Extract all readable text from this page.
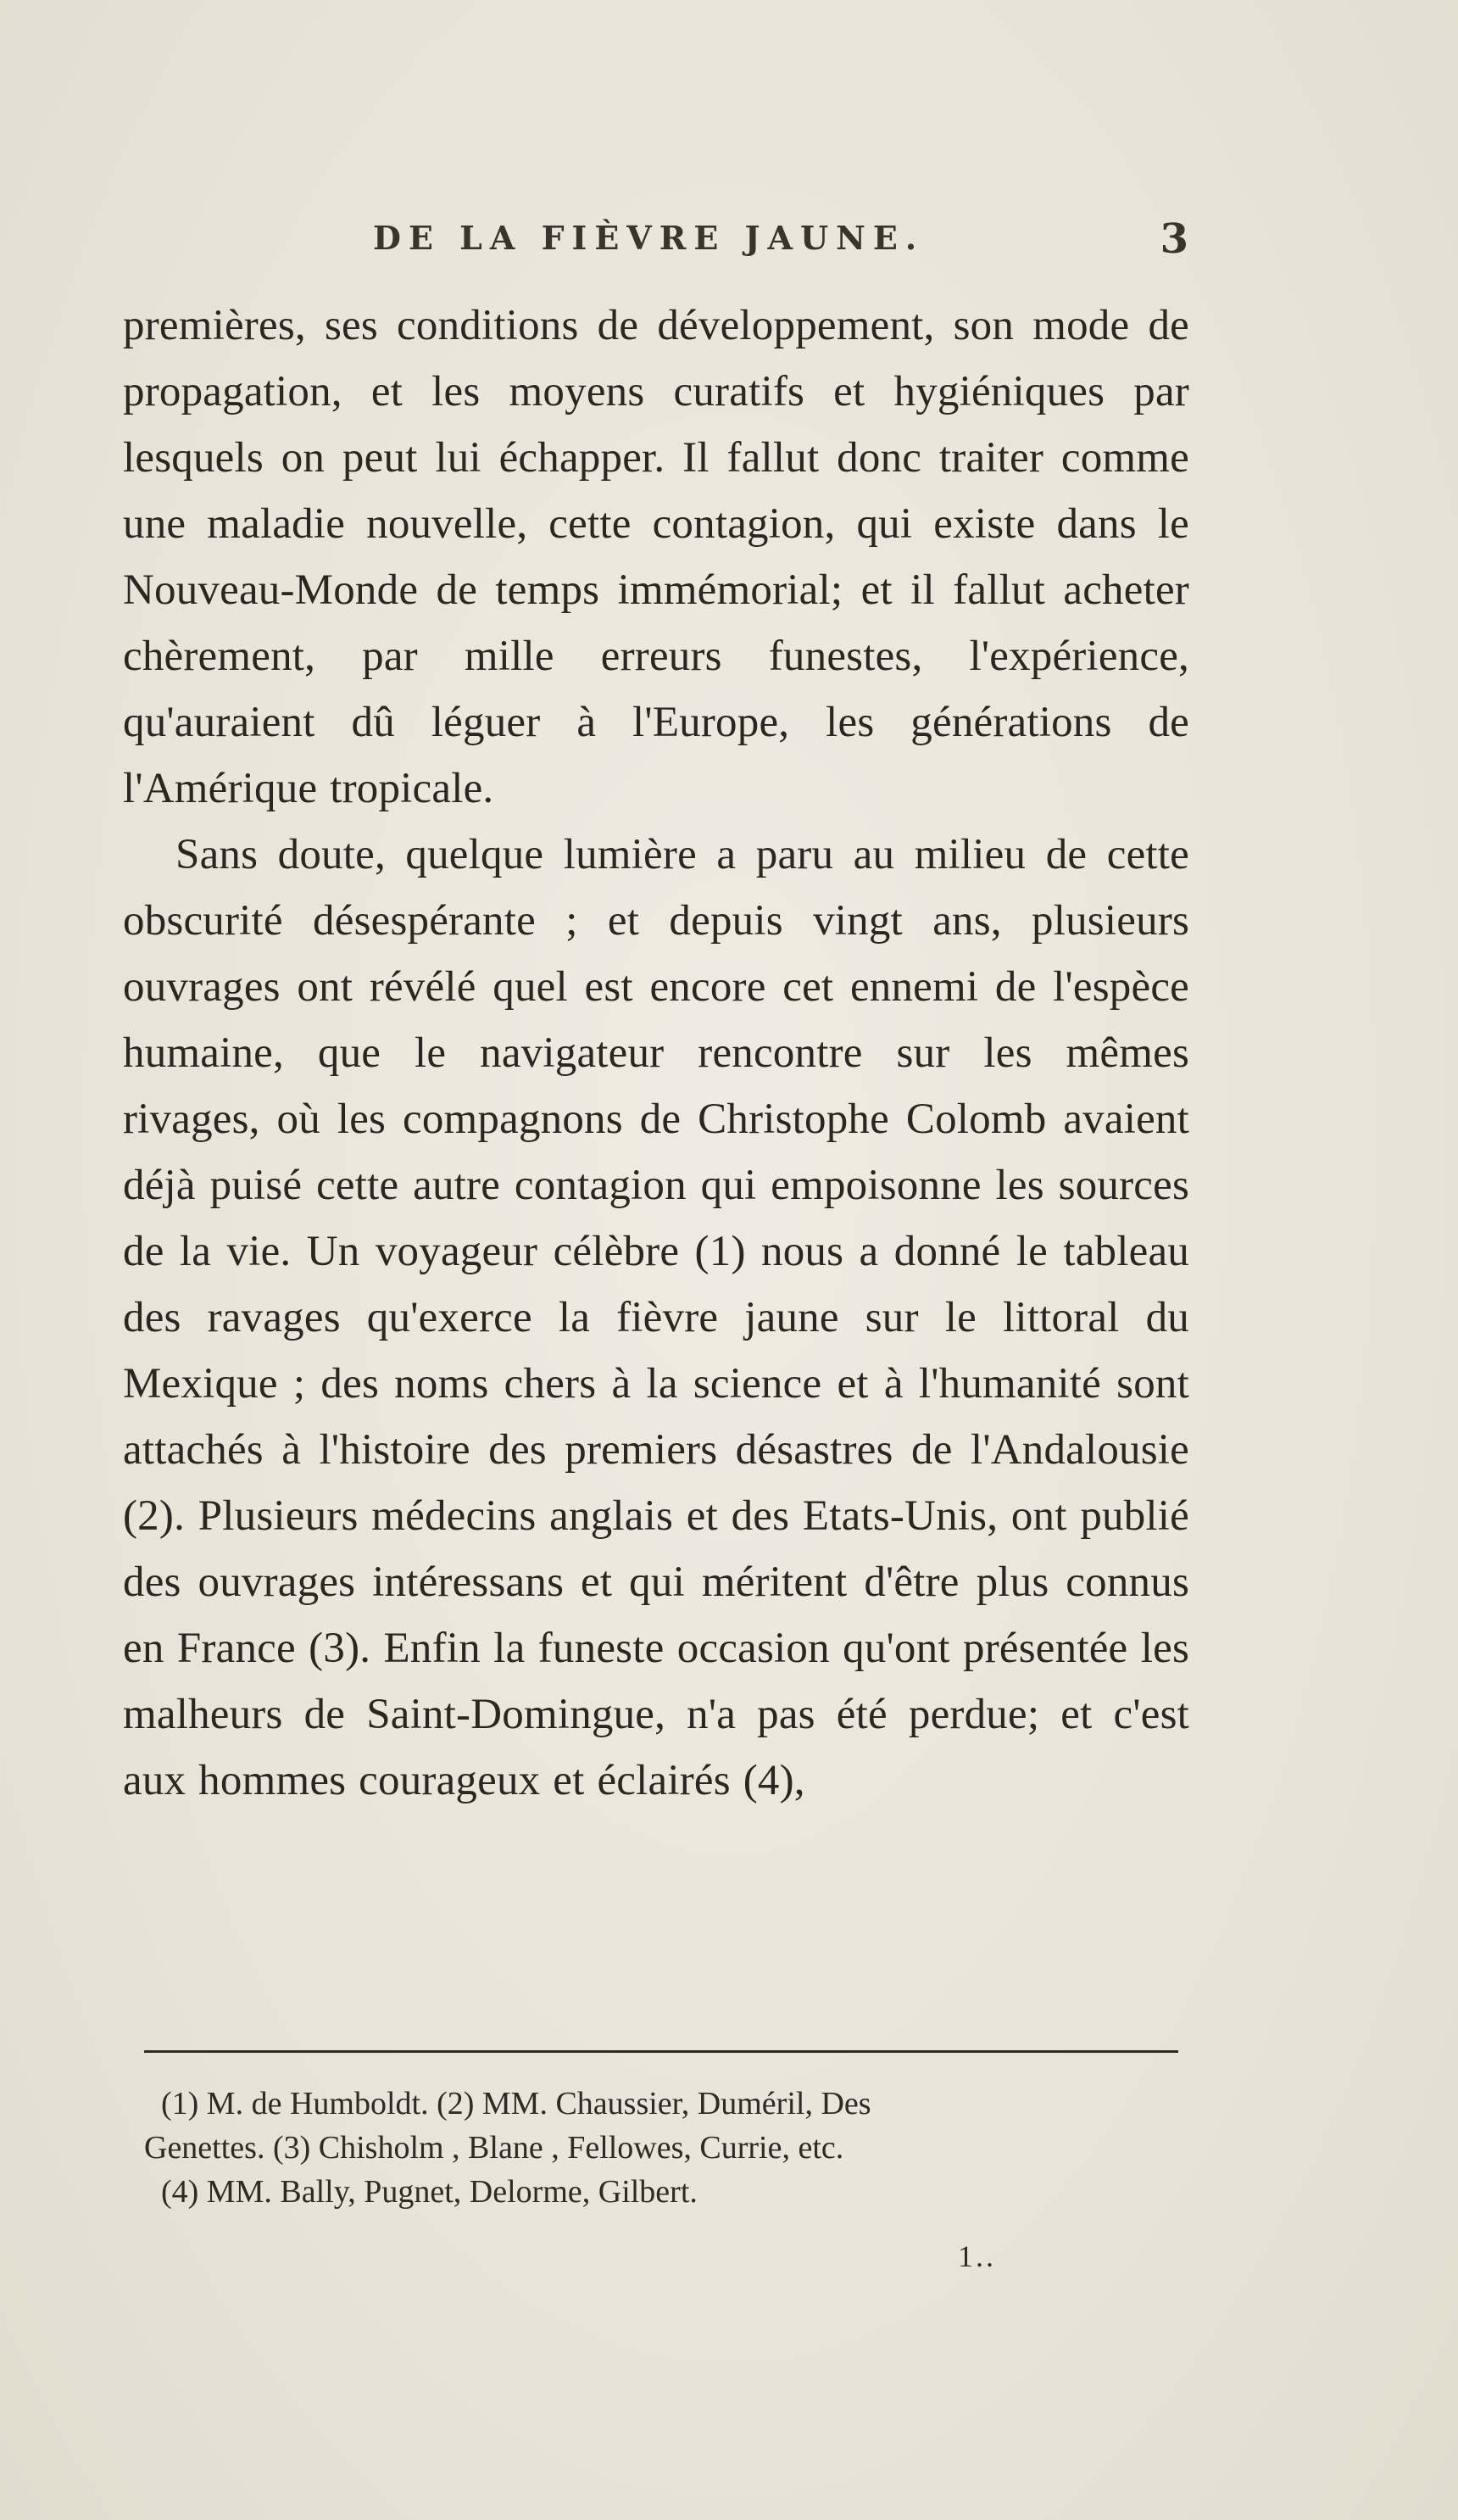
DE LA FIÈVRE JAUNE.	3

premières, ses conditions de développement, son mode de propagation, et les moyens curatifs et hygiéniques par lesquels on peut lui échapper. Il fallut donc traiter comme une maladie nouvelle, cette contagion, qui existe dans le Nouveau-Monde de temps immémorial; et il fallut acheter chèrement, par mille erreurs funestes, l'expérience, qu'auraient dû léguer à l'Europe, les générations de l'Amérique tropicale.

Sans doute, quelque lumière a paru au milieu de cette obscurité désespérante ; et depuis vingt ans, plusieurs ouvrages ont révélé quel est encore cet ennemi de l'espèce humaine, que le navigateur rencontre sur les mêmes rivages, où les compagnons de Christophe Colomb avaient déjà puisé cette autre contagion qui empoisonne les sources de la vie. Un voyageur célèbre (1) nous a donné le tableau des ravages qu'exerce la fièvre jaune sur le littoral du Mexique ; des noms chers à la science et à l'humanité sont attachés à l'histoire des premiers désastres de l'Andalousie (2). Plusieurs médecins anglais et des Etats-Unis, ont publié des ouvrages intéressans et qui méritent d'être plus connus en France (3). Enfin la funeste occasion qu'ont présentée les malheurs de Saint-Domingue, n'a pas été perdue; et c'est aux hommes courageux et éclairés (4),

(1) M. de Humboldt. (2) MM. Chaussier, Duméril, Des

Genettes. (3) Chisholm , Blane , Fellowes, Currie, etc.

(4) MM. Bally, Pugnet, Delorme, Gilbert.

1..
